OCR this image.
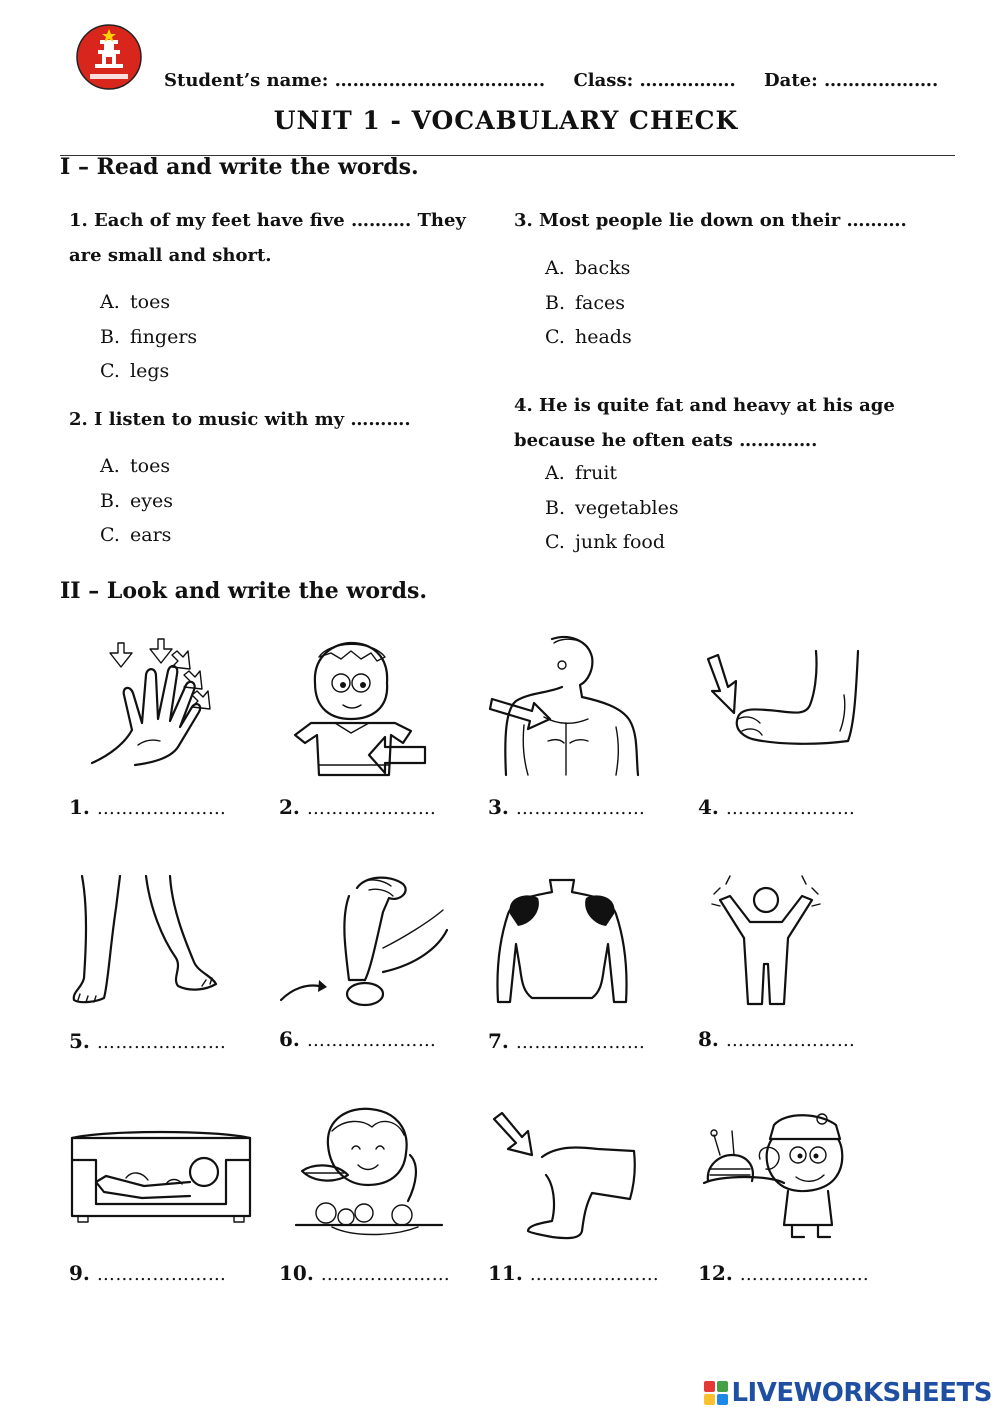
Student’s name: …………………………….. Class: ……………. Date: ……………….
UNIT 1 - VOCABULARY CHECK
I – Read and write the words.
1. Each of my feet have five ………. They
are small and short.
A. toes
B. fingers
C. legs
2. I listen to music with my ……….
A. toes
B. eyes
C. ears
3. Most people lie down on their ……….
A. backs
B. faces
C. heads
4. He is quite fat and heavy at his age
because he often eats ………….
A. fruit
B. vegetables
C. junk food
II – Look and write the words.
1. …………………	2. …………………	3. …………………	4. …………………
5. …………………	6. …………………	7. …………………	8. …………………
9. …………………	10. ………………… 11. ………………… 12. …………………
LIVEWORKSHEETS
